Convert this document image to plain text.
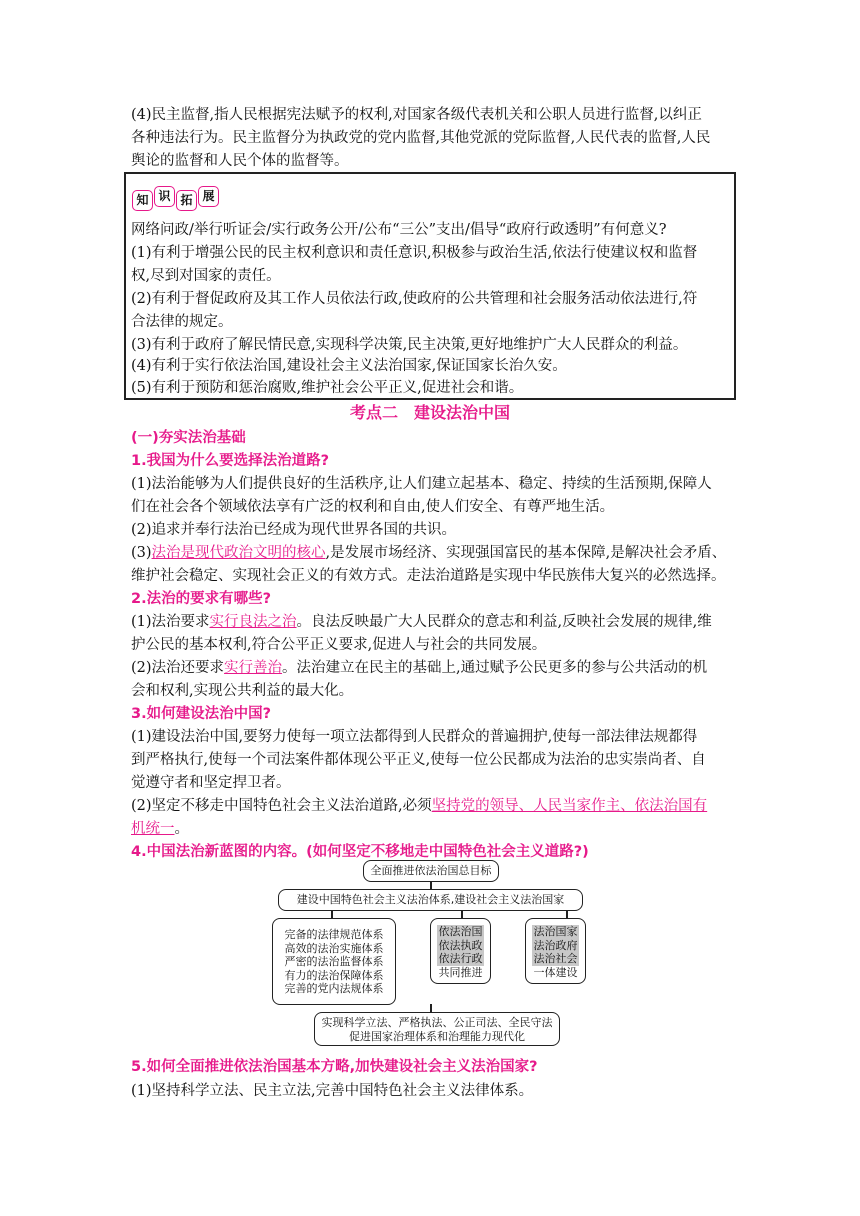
(4)民主监督,指人民根据宪法赋予的权利,对国家各级代表机关和公职人员进行监督,以纠正
各种违法行为。民主监督分为执政党的党内监督,其他党派的党际监督,人民代表的监督,人民
舆论的监督和人民个体的监督等。
知 识 拓 展
网络问政/举行听证会/实行政务公开/公布“三公”支出/倡导“政府行政透明”有何意义?
(1)有利于增强公民的民主权利意识和责任意识,积极参与政治生活,依法行使建议权和监督
权,尽到对国家的责任。
(2)有利于督促政府及其工作人员依法行政,使政府的公共管理和社会服务活动依法进行,符
合法律的规定。
(3)有利于政府了解民情民意,实现科学决策,民主决策,更好地维护广大人民群众的利益。
(4)有利于实行依法治国,建设社会主义法治国家,保证国家长治久安。
(5)有利于预防和惩治腐败,维护社会公平正义,促进社会和谐。
考点二　建设法治中国
(一)夯实法治基础
1.我国为什么要选择法治道路?
(1)法治能够为人们提供良好的生活秩序,让人们建立起基本、稳定、持续的生活预期,保障人
们在社会各个领域依法享有广泛的权利和自由,使人们安全、有尊严地生活。
(2)追求并奉行法治已经成为现代世界各国的共识。
(3)法治是现代政治文明的核心,是发展市场经济、实现强国富民的基本保障,是解决社会矛盾、
维护社会稳定、实现社会正义的有效方式。走法治道路是实现中华民族伟大复兴的必然选择。
2.法治的要求有哪些?
(1)法治要求实行良法之治。良法反映最广大人民群众的意志和利益,反映社会发展的规律,维
护公民的基本权利,符合公平正义要求,促进人与社会的共同发展。
(2)法治还要求实行善治。法治建立在民主的基础上,通过赋予公民更多的参与公共活动的机
会和权利,实现公共利益的最大化。
3.如何建设法治中国?
(1)建设法治中国,要努力使每一项立法都得到人民群众的普遍拥护,使每一部法律法规都得
到严格执行,使每一个司法案件都体现公平正义,使每一位公民都成为法治的忠实崇尚者、自
觉遵守者和坚定捍卫者。
(2)坚定不移走中国特色社会主义法治道路,必须坚持党的领导、人民当家作主、依法治国有
机统一。
4.中国法治新蓝图的内容。(如何坚定不移地走中国特色社会主义道路?)
全面推进依法治国总目标
建设中国特色社会主义法治体系,建设社会主义法治国家
完备的法律规范体系
高效的法治实施体系
严密的法治监督体系
有力的法治保障体系
完善的党内法规体系
依法治国
依法执政
依法行政
共同推进
法治国家
法治政府
法治社会
一体建设
实现科学立法、严格执法、公正司法、全民守法
促进国家治理体系和治理能力现代化
5.如何全面推进依法治国基本方略,加快建设社会主义法治国家?
(1)坚持科学立法、民主立法,完善中国特色社会主义法律体系。
